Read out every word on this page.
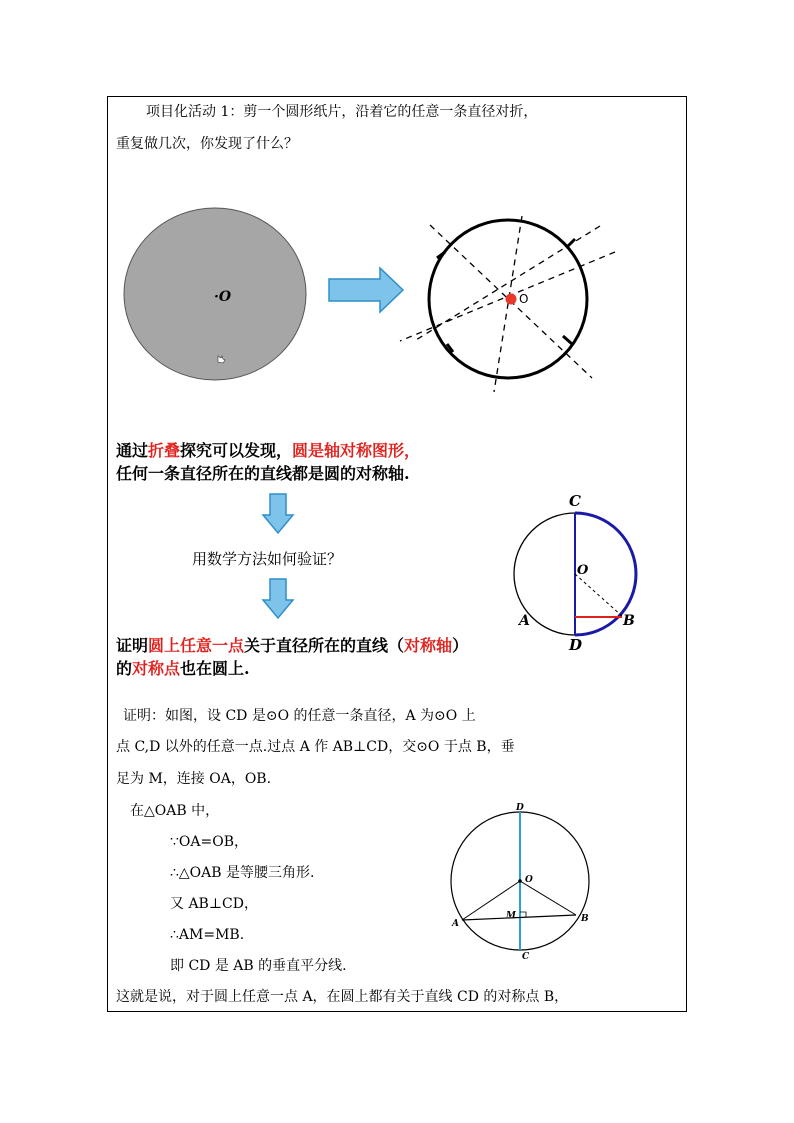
项目化活动 1：剪一个圆形纸片，沿着它的任意一条直径对折，
重复做几次，你发现了什么？
·O	O
通过折叠探究可以发现，圆是轴对称图形，
任何一条直径所在的直线都是圆的对称轴.
用数学方法如何验证？
证明圆上任意一点关于直径所在的直线（对称轴）
的对称点也在圆上.
C
O
A	B
D
证明：如图，设 CD 是⊙O 的任意一条直径，A 为⊙O 上
点 C,D 以外的任意一点.过点 A 作 AB⊥CD，交⊙O 于点 B，垂
足为 M，连接 OA，OB.
在△OAB 中，
∵OA=OB，
∴△OAB 是等腰三角形.
又 AB⊥CD，
∴AM=MB.
即 CD 是 AB 的垂直平分线.
这就是说，对于圆上任意一点 A，在圆上都有关于直线 CD 的对称点 B，
D
O
M
A	B
C
